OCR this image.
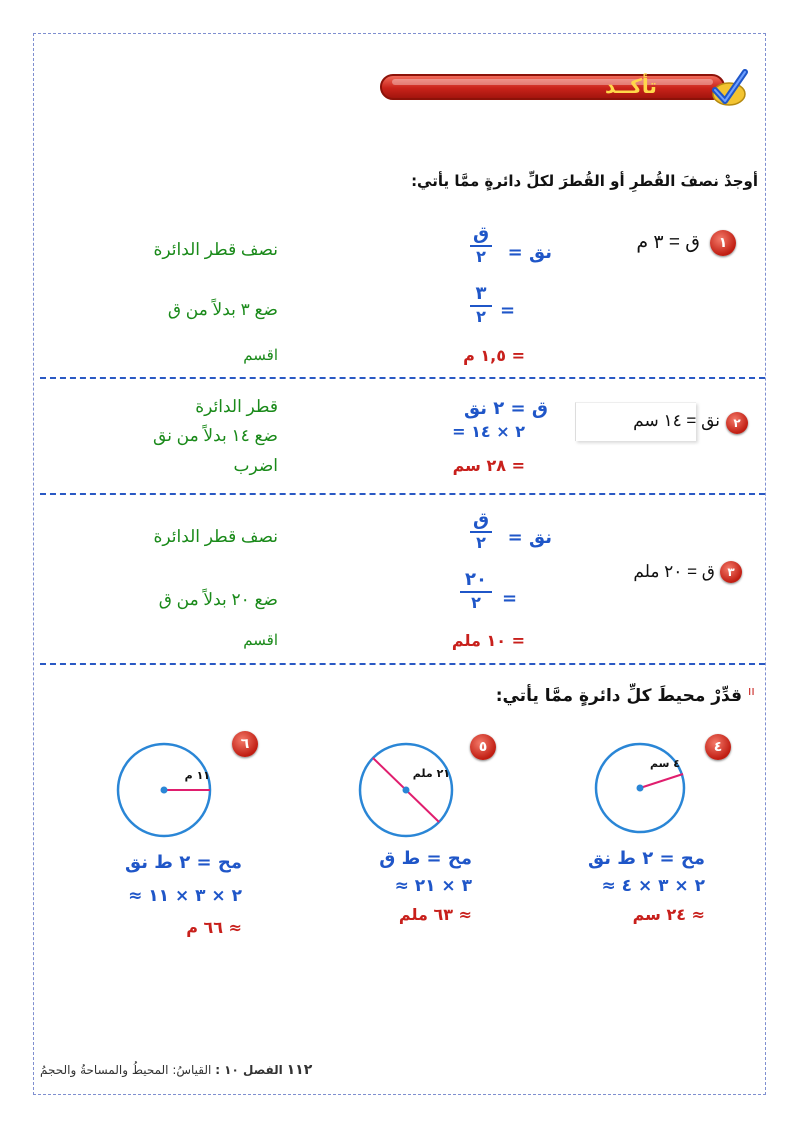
تأكــد
أوجدْ نصفَ القُطرِ أو القُطرَ لكلِّ دائرةٍ ممَّا يأتي:
١
ق = ٣ م
نق =
ق
٢
=
٣
٢
= ١,٥ م
نصف قطر الدائرة
ضع ٣ بدلاً من ق
اقسم
٢
نق = ١٤ سم
ق = ٢ نق
= ٢ × ١٤
= ٢٨ سم
قطر الدائرة
ضع ١٤ بدلاً من نق
اضرب
٣
ق = ٢٠ ملم
نق =
ق
٢
٢٠
٢	=
= ١٠ ملم
نصف قطر الدائرة
ضع ٢٠ بدلاً من ق
اقسم
ıı
قدِّرْ محيطَ كلِّ دائرةٍ ممَّا يأتي:
٤
٤ سم
مح = ٢ ط نق
≈ ٢ × ٣ × ٤
≈ ٢٤ سم
٥
٢١ ملم
مح = ط ق
≈ ٣ × ٢١
≈ ٦٣ ملم
٦
١١ م
مح = ٢ ط نق
≈ ٢ × ٣ × ١١
≈ ٦٦ م
١١٢ الفصل ١٠ : القياسُ: المحيطُ والمساحةُ والحجمُ
